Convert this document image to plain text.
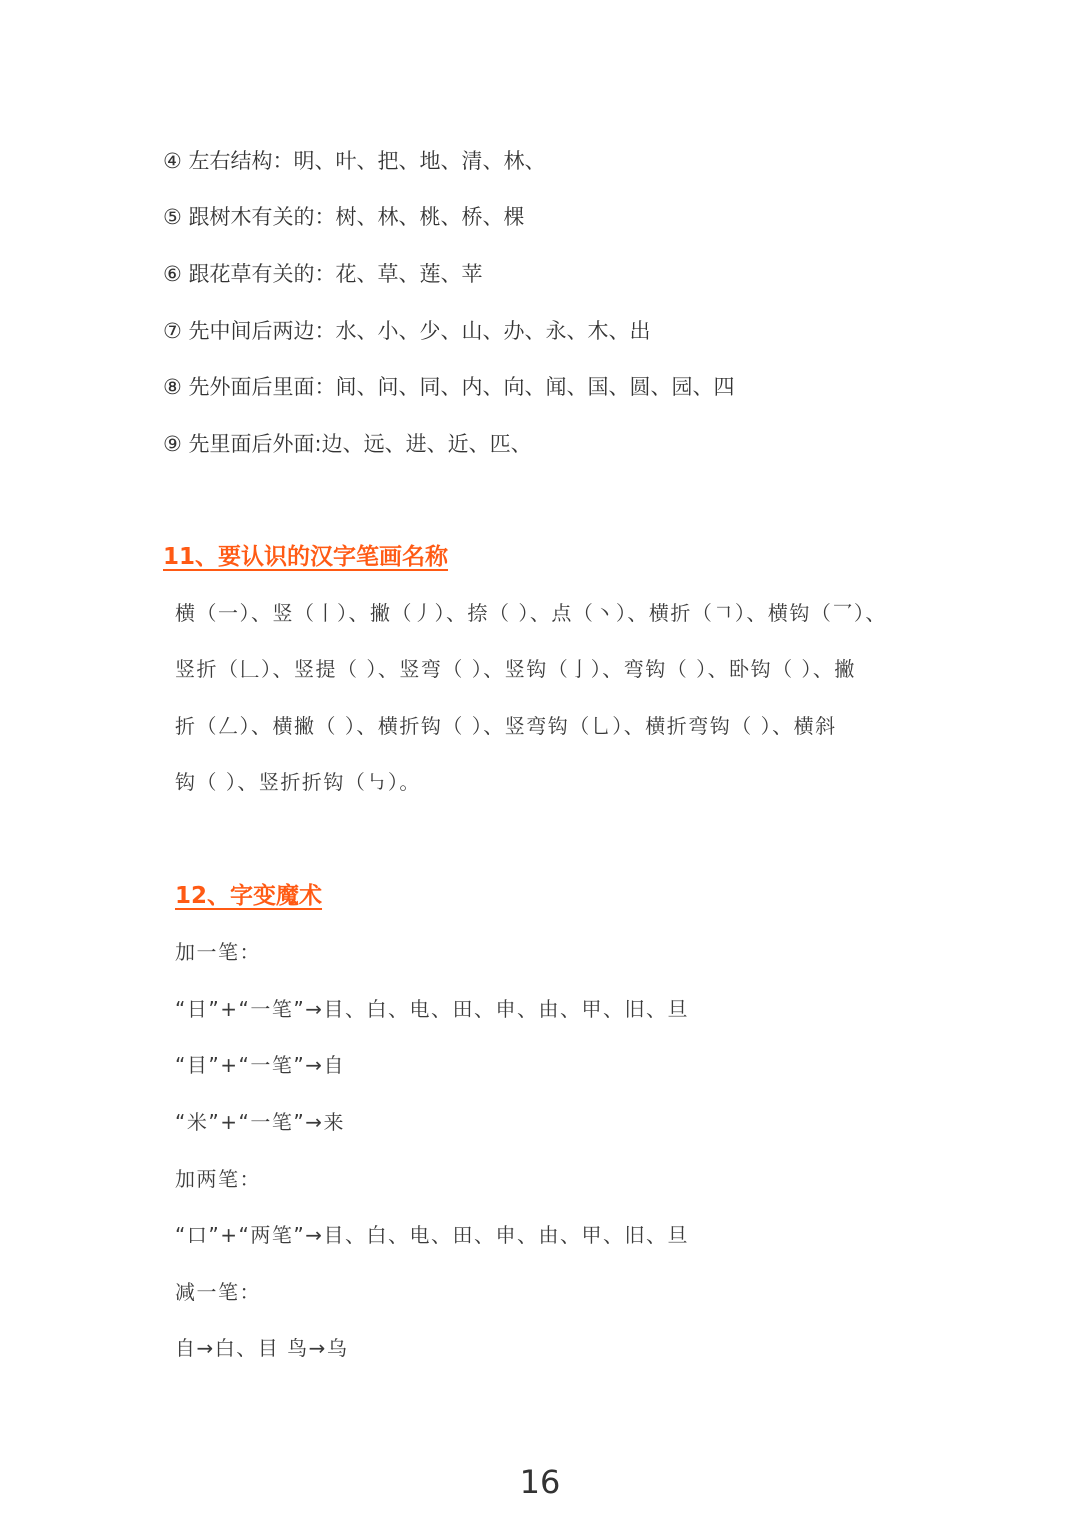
④ 左右结构：明、叶、把、地、清、林、
⑤ 跟树木有关的：树、林、桃、桥、棵
⑥ 跟花草有关的：花、草、莲、苹
⑦ 先中间后两边：水、小、少、山、办、永、木、出
⑧ 先外面后里面：间、问、同、内、向、闻、国、圆、园、四
⑨ 先里面后外面:边、远、进、近、匹、
11、要认识的汉字笔画名称
横（一）、竖（丨）、撇（丿）、捺（ ）、点（丶）、横折（𠃍）、横钩（乛）、
竖折（𠃊）、竖提（ ）、竖弯（ ）、竖钩（亅）、弯钩（ ）、卧钩（ ）、撇
折（𠃋）、横撇（ ）、横折钩（ ）、竖弯钩（乚）、横折弯钩（ ）、横斜
钩（ ）、竖折折钩（㇉）。
12、字变魔术
加一笔：
“日”+“一笔”→目、白、电、田、申、由、甲、旧、旦
“目”+“一笔”→自
“米”+“一笔”→来
加两笔：
“口”+“两笔”→目、白、电、田、申、由、甲、旧、旦
减一笔：
自→白、目 鸟→乌
16
